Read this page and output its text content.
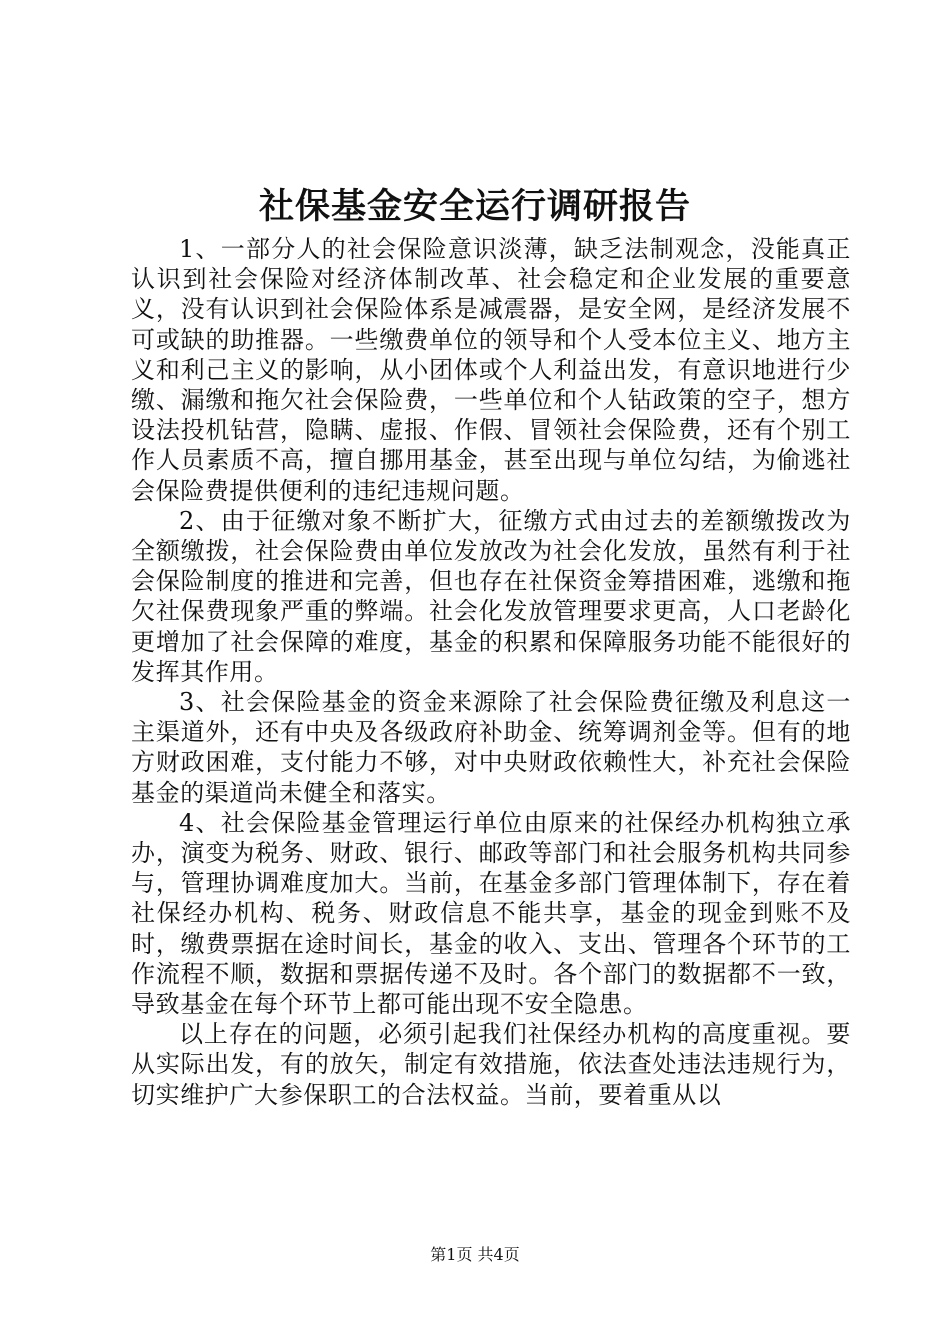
社保基金安全运行调研报告

1、一部分人的社会保险意识淡薄，缺乏法制观念，没能真正认识到社会保险对经济体制改革、社会稳定和企业发展的重要意义，没有认识到社会保险体系是减震器，是安全网，是经济发展不可或缺的助推器。一些缴费单位的领导和个人受本位主义、地方主义和利己主义的影响，从小团体或个人利益出发，有意识地进行少缴、漏缴和拖欠社会保险费，一些单位和个人钻政策的空子，想方设法投机钻营，隐瞒、虚报、作假、冒领社会保险费，还有个别工作人员素质不高，擅自挪用基金，甚至出现与单位勾结，为偷逃社会保险费提供便利的违纪违规问题。

2、由于征缴对象不断扩大，征缴方式由过去的差额缴拨改为全额缴拨，社会保险费由单位发放改为社会化发放，虽然有利于社会保险制度的推进和完善，但也存在社保资金筹措困难，逃缴和拖欠社保费现象严重的弊端。社会化发放管理要求更高，人口老龄化更增加了社会保障的难度，基金的积累和保障服务功能不能很好的发挥其作用。

3、社会保险基金的资金来源除了社会保险费征缴及利息这一主渠道外，还有中央及各级政府补助金、统筹调剂金等。但有的地方财政困难，支付能力不够，对中央财政依赖性大，补充社会保险基金的渠道尚未健全和落实。

4、社会保险基金管理运行单位由原来的社保经办机构独立承办，演变为税务、财政、银行、邮政等部门和社会服务机构共同参与，管理协调难度加大。当前，在基金多部门管理体制下，存在着社保经办机构、税务、财政信息不能共享，基金的现金到账不及时，缴费票据在途时间长，基金的收入、支出、管理各个环节的工作流程不顺，数据和票据传递不及时。各个部门的数据都不一致，导致基金在每个环节上都可能出现不安全隐患。

以上存在的问题，必须引起我们社保经办机构的高度重视。要从实际出发，有的放矢，制定有效措施，依法查处违法违规行为，切实维护广大参保职工的合法权益。当前，要着重从以

第1页 共4页
